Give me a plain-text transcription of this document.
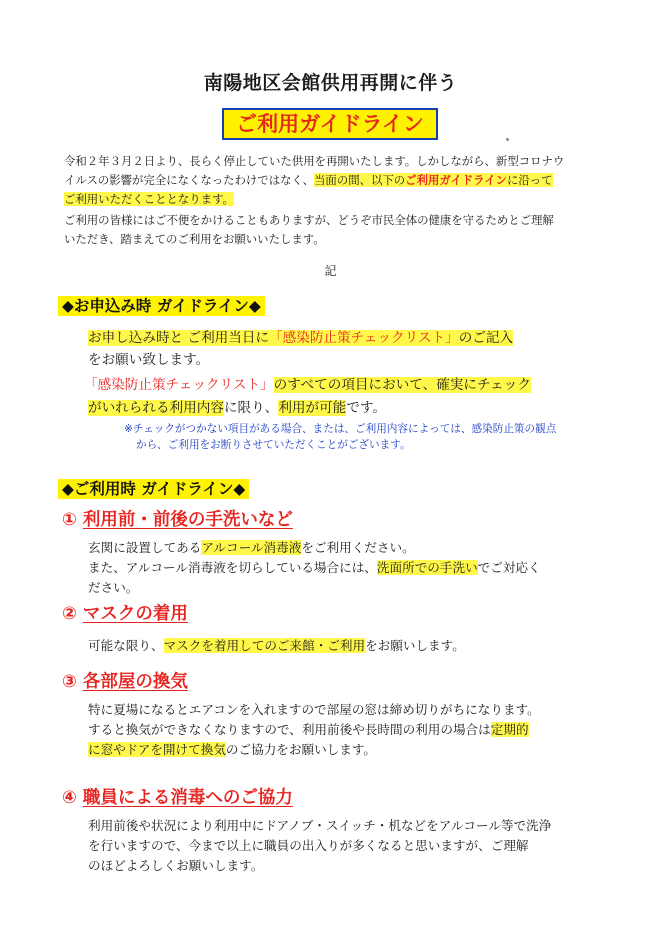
南陽地区会館供用再開に伴う
ご利用ガイドライン
令和２年３月２日より、長らく停止していた供用を再開いたします。しかしながら、新型コロナウ
イルスの影響が完全になくなったわけではなく、当面の間、以下のご利用ガイドラインに沿って
ご利用いただくこととなります。
ご利用の皆様にはご不便をかけることもありますが、どうぞ市民全体の健康を守るためとご理解
いただき、踏まえてのご利用をお願いいたします。
記
◆お申込み時 ガイドライン◆
お申し込み時と ご利用当日に「感染防止策チェックリスト」のご記入
をお願い致します。
「感染防止策チェックリスト」のすべての項目において、確実にチェック
がいれられる利用内容に限り、利用が可能です。
※チェックがつかない項目がある場合、または、ご利用内容によっては、感染防止策の観点
から、ご利用をお断りさせていただくことがございます。
◆ご利用時 ガイドライン◆
① 利用前・前後の手洗いなど
玄関に設置してあるアルコール消毒液をご利用ください。
また、アルコール消毒液を切らしている場合には、洗面所での手洗いでご対応く
ださい。
② マスクの着用
可能な限り、マスクを着用してのご来館・ご利用をお願いします。
③ 各部屋の換気
特に夏場になるとエアコンを入れますので部屋の窓は締め切りがちになります。
すると換気ができなくなりますので、利用前後や長時間の利用の場合は定期的
に窓やドアを開けて換気のご協力をお願いします。
④ 職員による消毒へのご協力
利用前後や状況により利用中にドアノブ・スイッチ・机などをアルコール等で洗浄
を行いますので、今まで以上に職員の出入りが多くなると思いますが、ご理解
のほどよろしくお願いします。
